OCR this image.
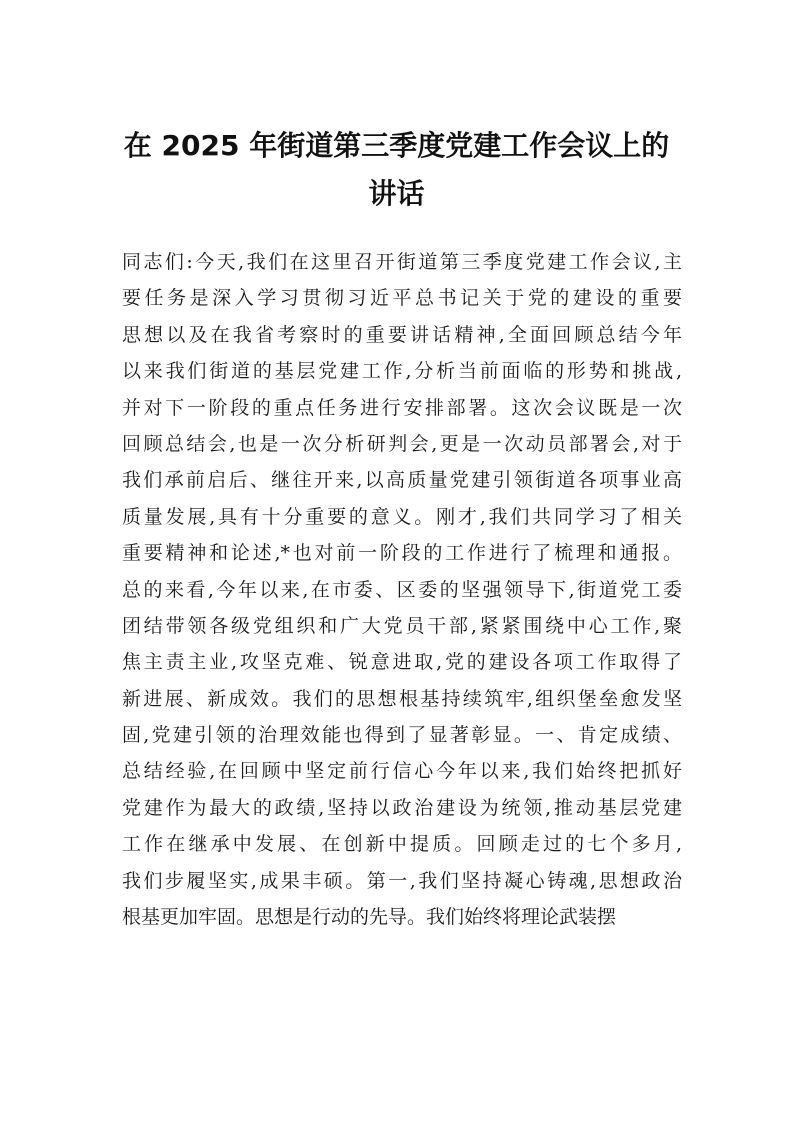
在 2025 年街道第三季度党建工作会议上的
讲话
同志们:今天,我们在这里召开街道第三季度党建工作会议,主
要任务是深入学习贯彻习近平总书记关于党的建设的重要
思想以及在我省考察时的重要讲话精神,全面回顾总结今年
以来我们街道的基层党建工作,分析当前面临的形势和挑战,
并对下一阶段的重点任务进行安排部署。这次会议既是一次
回顾总结会,也是一次分析研判会,更是一次动员部署会,对于
我们承前启后、继往开来,以高质量党建引领街道各项事业高
质量发展,具有十分重要的意义。刚才,我们共同学习了相关
重要精神和论述,*也对前一阶段的工作进行了梳理和通报。
总的来看,今年以来,在市委、区委的坚强领导下,街道党工委
团结带领各级党组织和广大党员干部,紧紧围绕中心工作,聚
焦主责主业,攻坚克难、锐意进取,党的建设各项工作取得了
新进展、新成效。我们的思想根基持续筑牢,组织堡垒愈发坚
固,党建引领的治理效能也得到了显著彰显。一、肯定成绩、
总结经验,在回顾中坚定前行信心今年以来,我们始终把抓好
党建作为最大的政绩,坚持以政治建设为统领,推动基层党建
工作在继承中发展、在创新中提质。回顾走过的七个多月,
我们步履坚实,成果丰硕。第一,我们坚持凝心铸魂,思想政治
根基更加牢固。思想是行动的先导。我们始终将理论武装摆
